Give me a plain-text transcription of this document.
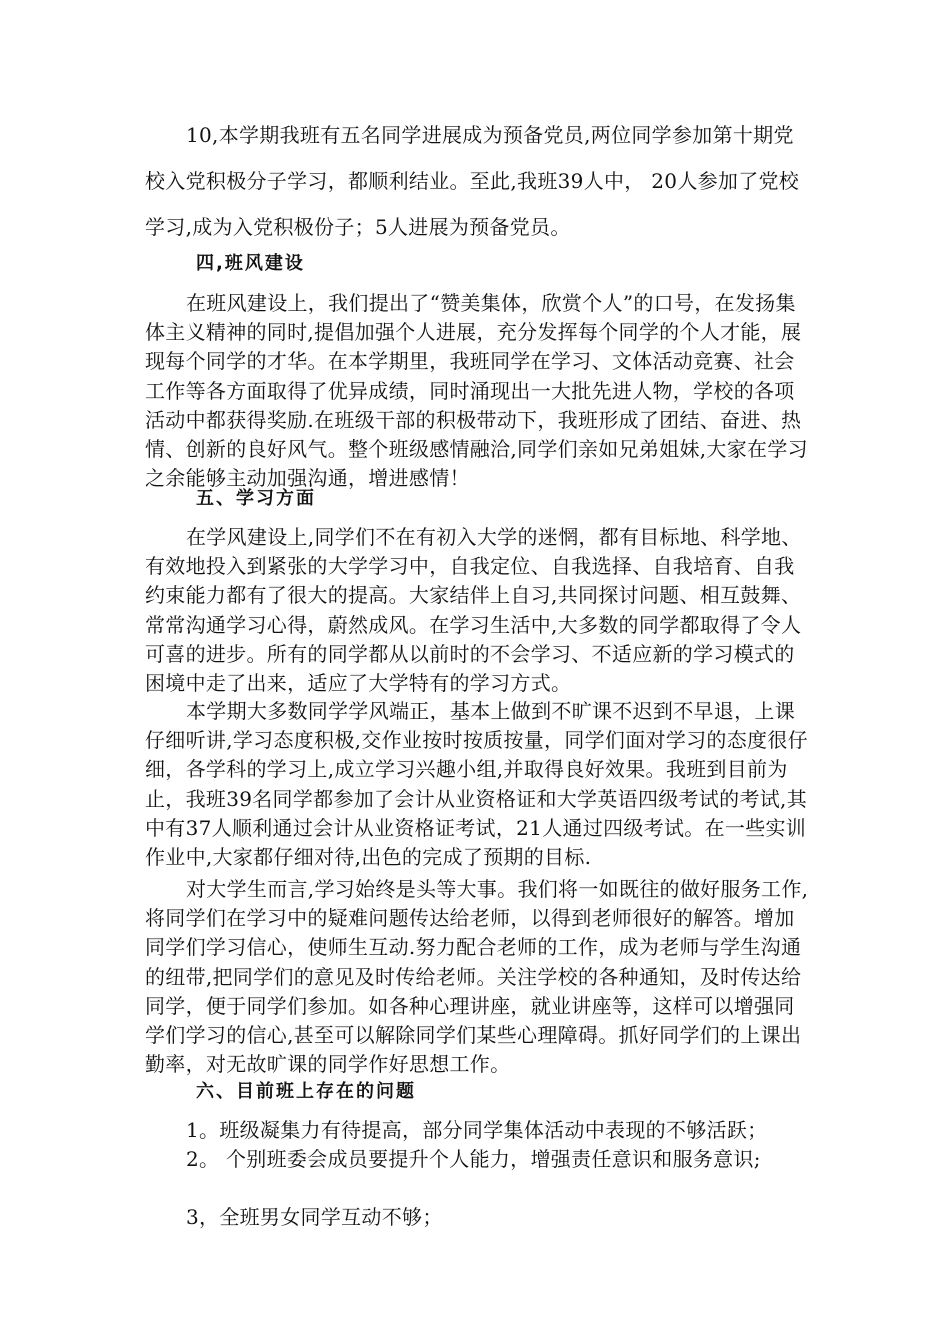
10,本学期我班有五名同学进展成为预备党员,两位同学参加第十期党校入党积极分子学习，都顺利结业。至此,我班39人中， 20人参加了党校学习,成为入党积极份子；5人进展为预备党员。

四,班风建设

在班风建设上，我们提出了“赞美集体，欣赏个人”的口号，在发扬集体主义精神的同时,提倡加强个人进展，充分发挥每个同学的个人才能，展现每个同学的才华。在本学期里，我班同学在学习、文体活动竞赛、社会工作等各方面取得了优异成绩，同时涌现出一大批先进人物，学校的各项活动中都获得奖励.在班级干部的积极带动下，我班形成了团结、奋进、热情、创新的良好风气。整个班级感情融洽,同学们亲如兄弟姐妹,大家在学习之余能够主动加强沟通，增进感情！

五、学习方面

在学风建设上,同学们不在有初入大学的迷惘，都有目标地、科学地、有效地投入到紧张的大学学习中，自我定位、自我选择、自我培育、自我约束能力都有了很大的提高。大家结伴上自习,共同探讨问题、相互鼓舞、常常沟通学习心得，蔚然成风。在学习生活中,大多数的同学都取得了令人可喜的进步。所有的同学都从以前时的不会学习、不适应新的学习模式的困境中走了出来，适应了大学特有的学习方式。

本学期大多数同学学风端正，基本上做到不旷课不迟到不早退，上课仔细听讲,学习态度积极,交作业按时按质按量，同学们面对学习的态度很仔细，各学科的学习上,成立学习兴趣小组,并取得良好效果。我班到目前为止，我班39名同学都参加了会计从业资格证和大学英语四级考试的考试,其中有37人顺利通过会计从业资格证考试，21人通过四级考试。在一些实训作业中,大家都仔细对待,出色的完成了预期的目标.

对大学生而言,学习始终是头等大事。我们将一如既往的做好服务工作,将同学们在学习中的疑难问题传达给老师，以得到老师很好的解答。增加同学们学习信心，使师生互动.努力配合老师的工作，成为老师与学生沟通的纽带,把同学们的意见及时传给老师。关注学校的各种通知，及时传达给同学，便于同学们参加。如各种心理讲座，就业讲座等，这样可以增强同学们学习的信心,甚至可以解除同学们某些心理障碍。抓好同学们的上课出勤率，对无故旷课的同学作好思想工作。

六、目前班上存在的问题

1。班级凝集力有待提高，部分同学集体活动中表现的不够活跃；

2。 个别班委会成员要提升个人能力，增强责任意识和服务意识;

3，全班男女同学互动不够；
